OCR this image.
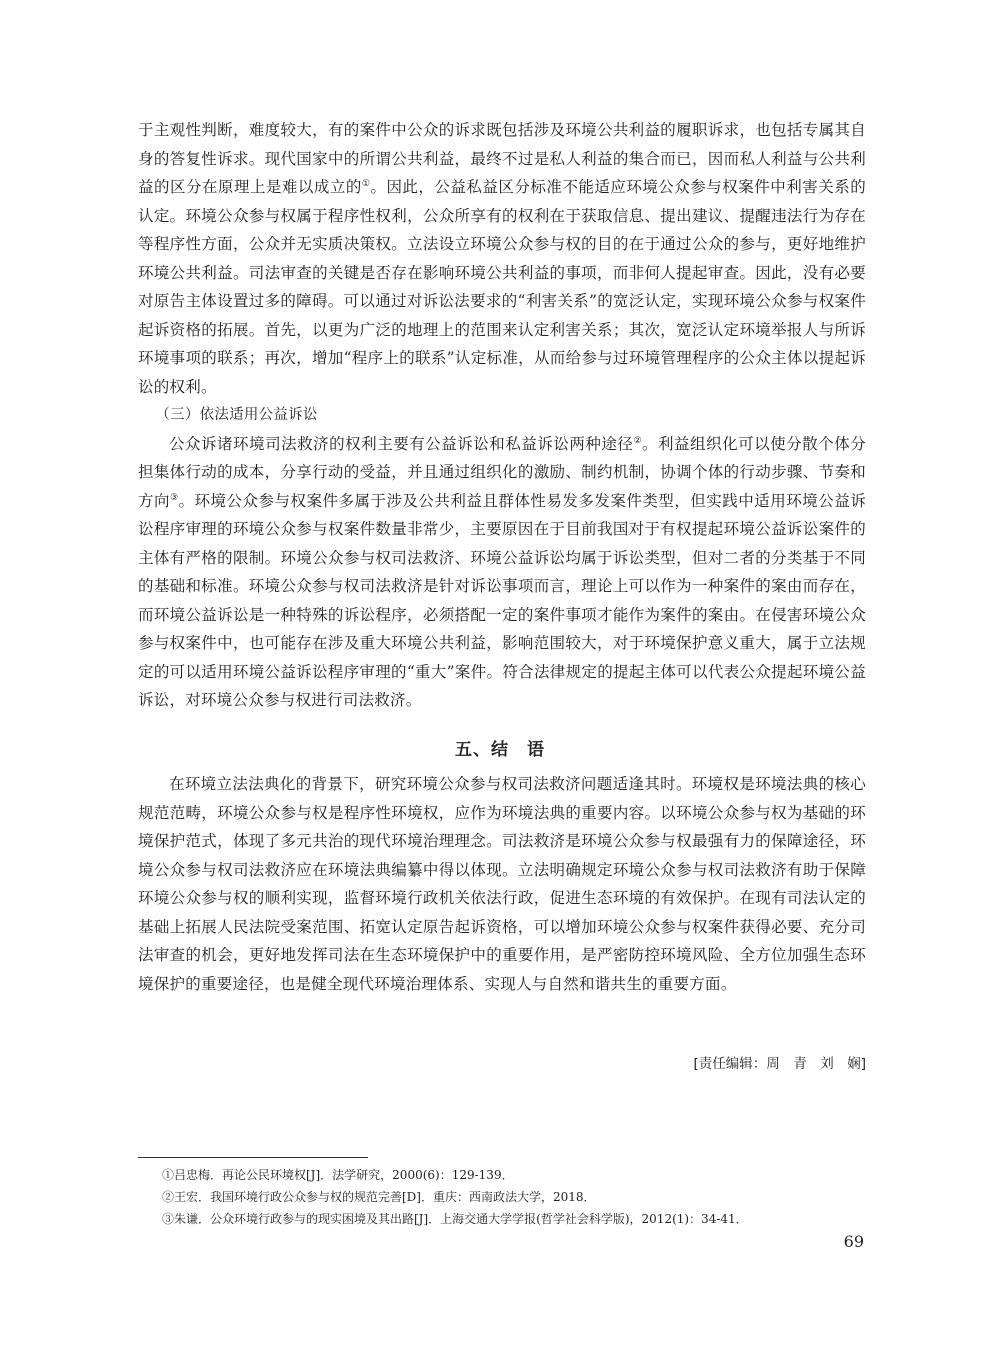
于主观性判断，难度较大，有的案件中公众的诉求既包括涉及环境公共利益的履职诉求，也包括专属其自身的答复性诉求。现代国家中的所谓公共利益，最终不过是私人利益的集合而已，因而私人利益与公共利益的区分在原理上是难以成立的①。因此，公益私益区分标准不能适应环境公众参与权案件中利害关系的认定。环境公众参与权属于程序性权利，公众所享有的权利在于获取信息、提出建议、提醒违法行为存在等程序性方面，公众并无实质决策权。立法设立环境公众参与权的目的在于通过公众的参与，更好地维护环境公共利益。司法审查的关键是否存在影响环境公共利益的事项，而非何人提起审查。因此，没有必要对原告主体设置过多的障碍。可以通过对诉讼法要求的“利害关系”的宽泛认定，实现环境公众参与权案件起诉资格的拓展。首先，以更为广泛的地理上的范围来认定利害关系；其次，宽泛认定环境举报人与所诉环境事项的联系；再次，增加“程序上的联系”认定标准，从而给参与过环境管理程序的公众主体以提起诉讼的权利。

（三）依法适用公益诉讼

公众诉诸环境司法救济的权利主要有公益诉讼和私益诉讼两种途径②。利益组织化可以使分散个体分担集体行动的成本，分享行动的受益，并且通过组织化的激励、制约机制，协调个体的行动步骤、节奏和方向③。环境公众参与权案件多属于涉及公共利益且群体性易发多发案件类型，但实践中适用环境公益诉讼程序审理的环境公众参与权案件数量非常少，主要原因在于目前我国对于有权提起环境公益诉讼案件的主体有严格的限制。环境公众参与权司法救济、环境公益诉讼均属于诉讼类型，但对二者的分类基于不同的基础和标准。环境公众参与权司法救济是针对诉讼事项而言，理论上可以作为一种案件的案由而存在，而环境公益诉讼是一种特殊的诉讼程序，必须搭配一定的案件事项才能作为案件的案由。在侵害环境公众参与权案件中，也可能存在涉及重大环境公共利益，影响范围较大，对于环境保护意义重大，属于立法规定的可以适用环境公益诉讼程序审理的“重大”案件。符合法律规定的提起主体可以代表公众提起环境公益诉讼，对环境公众参与权进行司法救济。

五、结　语

在环境立法法典化的背景下，研究环境公众参与权司法救济问题适逢其时。环境权是环境法典的核心规范范畴，环境公众参与权是程序性环境权，应作为环境法典的重要内容。以环境公众参与权为基础的环境保护范式，体现了多元共治的现代环境治理理念。司法救济是环境公众参与权最强有力的保障途径，环境公众参与权司法救济应在环境法典编纂中得以体现。立法明确规定环境公众参与权司法救济有助于保障环境公众参与权的顺利实现，监督环境行政机关依法行政，促进生态环境的有效保护。在现有司法认定的基础上拓展人民法院受案范围、拓宽认定原告起诉资格，可以增加环境公众参与权案件获得必要、充分司法审查的机会，更好地发挥司法在生态环境保护中的重要作用，是严密防控环境风险、全方位加强生态环境保护的重要途径，也是健全现代环境治理体系、实现人与自然和谐共生的重要方面。

[责任编辑：周　青　刘　娴]

①吕忠梅．再论公民环境权[J]．法学研究，2000(6)：129-139．

②王宏．我国环境行政公众参与权的规范完善[D]．重庆：西南政法大学，2018．

③朱谦．公众环境行政参与的现实困境及其出路[J]．上海交通大学学报(哲学社会科学版)，2012(1)：34-41．

69
